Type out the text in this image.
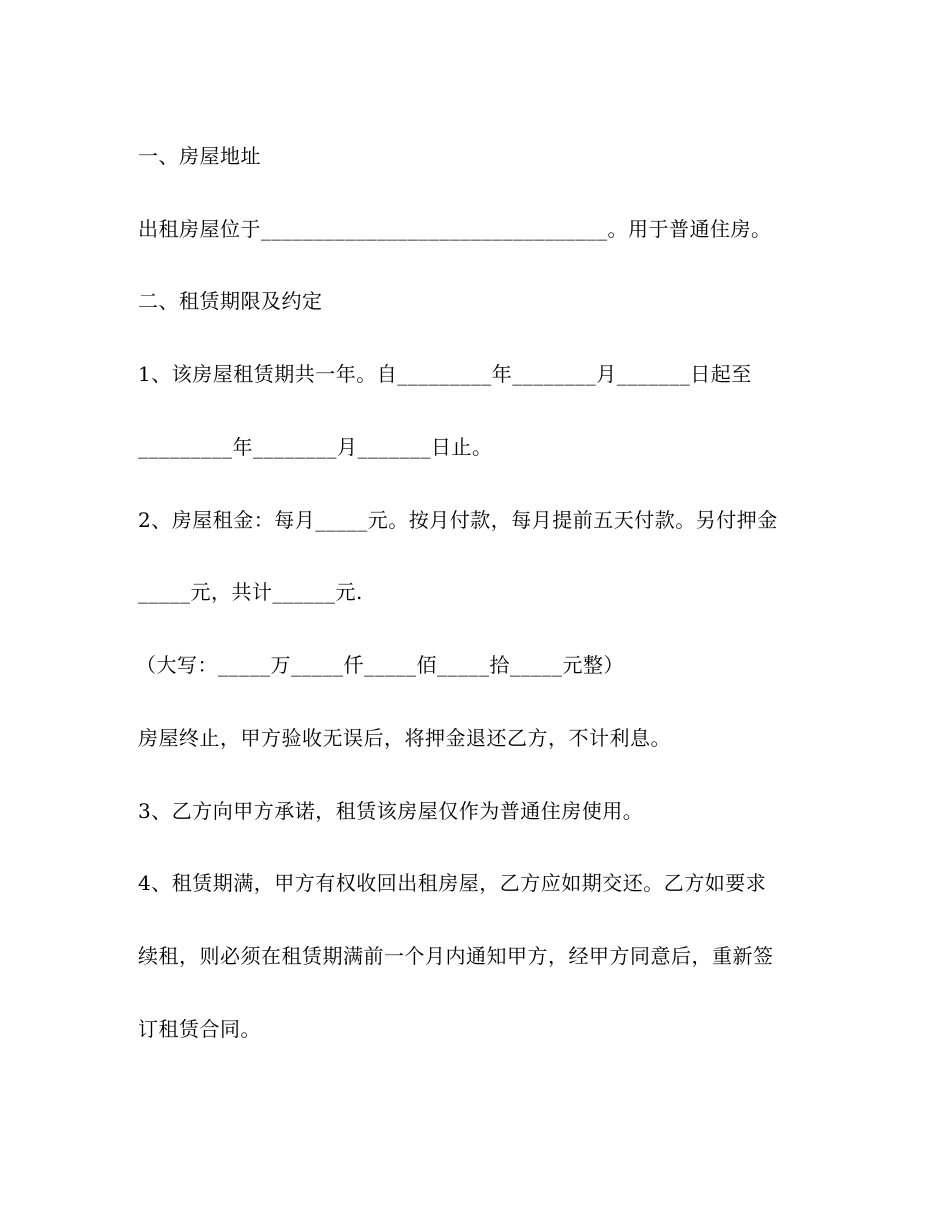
一、房屋地址
出租房屋位于_________________________________。用于普通住房。
二、租赁期限及约定
1、该房屋租赁期共一年。自_________年________月_______日起至
_________年________月_______日止。
2、房屋租金：每月_____元。按月付款，每月提前五天付款。另付押金
_____元，共计______元.
（大写：_____万_____仟_____佰_____拾_____元整）
房屋终止，甲方验收无误后，将押金退还乙方，不计利息。
3、乙方向甲方承诺，租赁该房屋仅作为普通住房使用。
4、租赁期满，甲方有权收回出租房屋，乙方应如期交还。乙方如要求
续租，则必须在租赁期满前一个月内通知甲方，经甲方同意后，重新签
订租赁合同。
